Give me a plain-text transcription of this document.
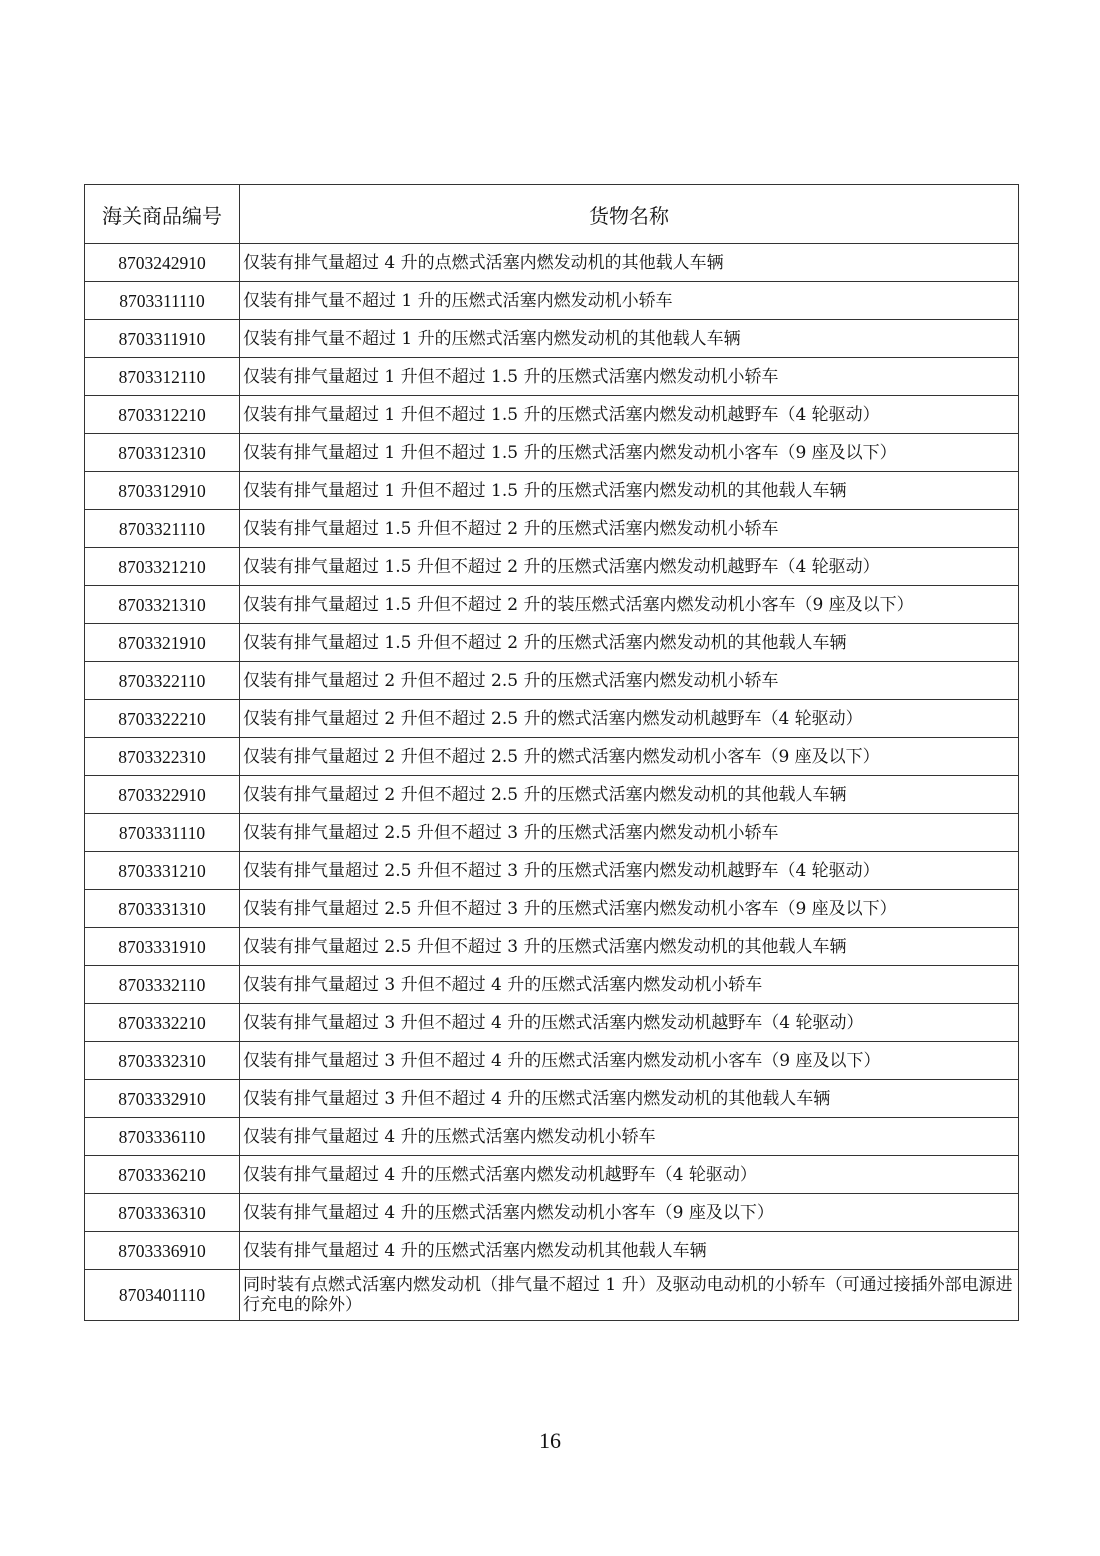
海关商品编号	货物名称
8703242910	仅装有排气量超过 4 升的点燃式活塞内燃发动机的其他载人车辆
8703311110	仅装有排气量不超过 1 升的压燃式活塞内燃发动机小轿车
8703311910	仅装有排气量不超过 1 升的压燃式活塞内燃发动机的其他载人车辆
8703312110	仅装有排气量超过 1 升但不超过 1.5 升的压燃式活塞内燃发动机小轿车
8703312210	仅装有排气量超过 1 升但不超过 1.5 升的压燃式活塞内燃发动机越野车（4 轮驱动）
8703312310	仅装有排气量超过 1 升但不超过 1.5 升的压燃式活塞内燃发动机小客车（9 座及以下）
8703312910	仅装有排气量超过 1 升但不超过 1.5 升的压燃式活塞内燃发动机的其他载人车辆
8703321110	仅装有排气量超过 1.5 升但不超过 2 升的压燃式活塞内燃发动机小轿车
8703321210	仅装有排气量超过 1.5 升但不超过 2 升的压燃式活塞内燃发动机越野车（4 轮驱动）
8703321310	仅装有排气量超过 1.5 升但不超过 2 升的装压燃式活塞内燃发动机小客车（9 座及以下）
8703321910	仅装有排气量超过 1.5 升但不超过 2 升的压燃式活塞内燃发动机的其他载人车辆
8703322110	仅装有排气量超过 2 升但不超过 2.5 升的压燃式活塞内燃发动机小轿车
8703322210	仅装有排气量超过 2 升但不超过 2.5 升的燃式活塞内燃发动机越野车（4 轮驱动）
8703322310	仅装有排气量超过 2 升但不超过 2.5 升的燃式活塞内燃发动机小客车（9 座及以下）
8703322910	仅装有排气量超过 2 升但不超过 2.5 升的压燃式活塞内燃发动机的其他载人车辆
8703331110	仅装有排气量超过 2.5 升但不超过 3 升的压燃式活塞内燃发动机小轿车
8703331210	仅装有排气量超过 2.5 升但不超过 3 升的压燃式活塞内燃发动机越野车（4 轮驱动）
8703331310	仅装有排气量超过 2.5 升但不超过 3 升的压燃式活塞内燃发动机小客车（9 座及以下）
8703331910	仅装有排气量超过 2.5 升但不超过 3 升的压燃式活塞内燃发动机的其他载人车辆
8703332110	仅装有排气量超过 3 升但不超过 4 升的压燃式活塞内燃发动机小轿车
8703332210	仅装有排气量超过 3 升但不超过 4 升的压燃式活塞内燃发动机越野车（4 轮驱动）
8703332310	仅装有排气量超过 3 升但不超过 4 升的压燃式活塞内燃发动机小客车（9 座及以下）
8703332910	仅装有排气量超过 3 升但不超过 4 升的压燃式活塞内燃发动机的其他载人车辆
8703336110	仅装有排气量超过 4 升的压燃式活塞内燃发动机小轿车
8703336210	仅装有排气量超过 4 升的压燃式活塞内燃发动机越野车（4 轮驱动）
8703336310	仅装有排气量超过 4 升的压燃式活塞内燃发动机小客车（9 座及以下）
8703336910	仅装有排气量超过 4 升的压燃式活塞内燃发动机其他载人车辆
8703401110	同时装有点燃式活塞内燃发动机（排气量不超过 1 升）及驱动电动机的小轿车（可通过接插外部电源进行充电的除外）
16
